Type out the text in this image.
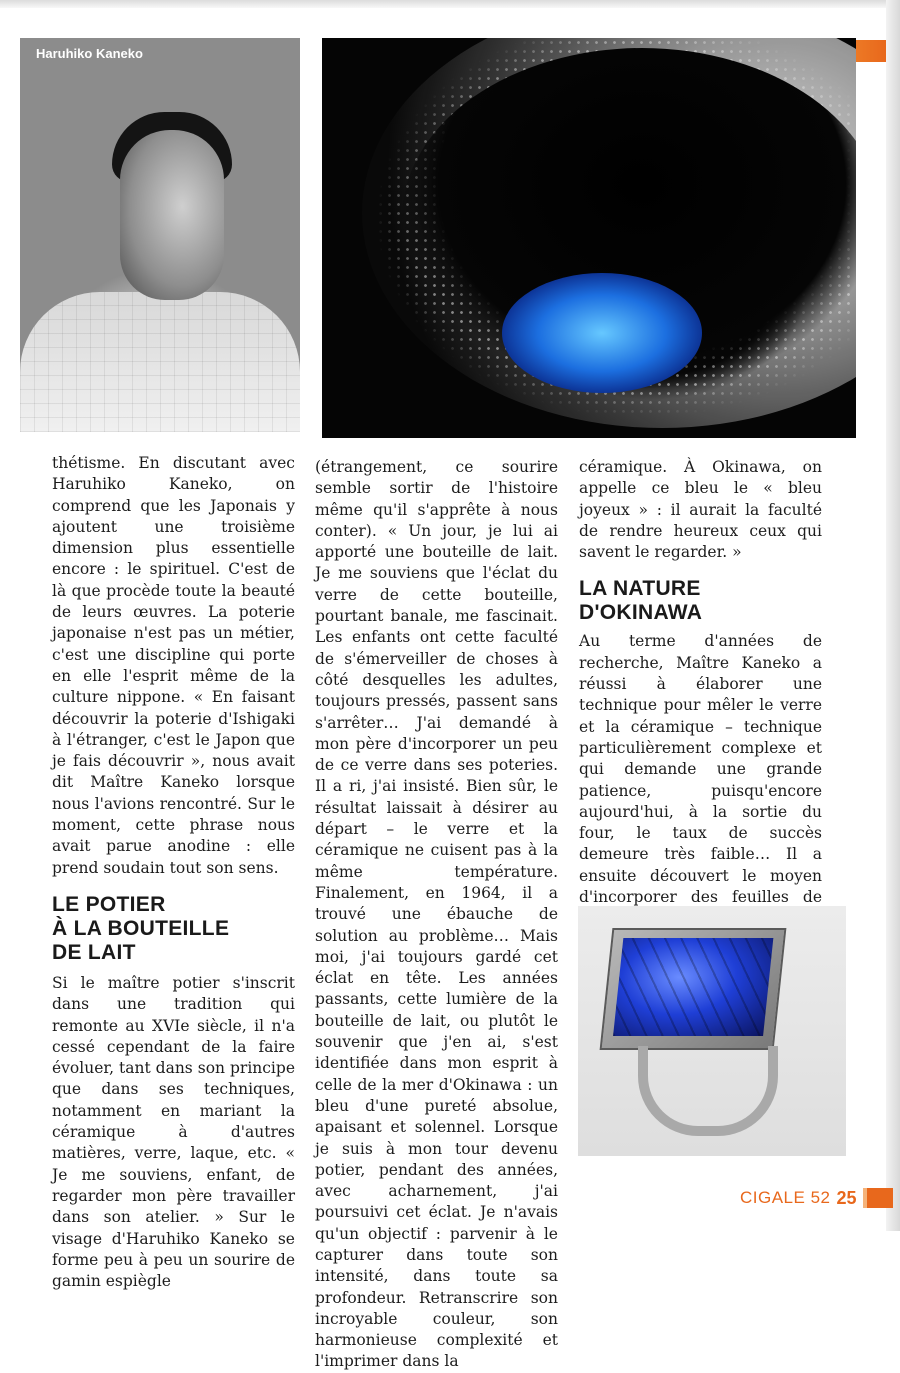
Haruhiko Kaneko

thétisme. En discutant avec Haruhiko Kaneko, on comprend que les Japonais y ajoutent une troisième dimension plus essentielle encore : le spirituel. C'est de là que procède toute la beauté de leurs œuvres. La poterie japonaise n'est pas un métier, c'est une discipline qui porte en elle l'esprit même de la culture nippone. « En faisant découvrir la poterie d'Ishigaki à l'étranger, c'est le Japon que je fais découvrir », nous avait dit Maître Kaneko lorsque nous l'avions rencontré. Sur le moment, cette phrase nous avait parue anodine : elle prend soudain tout son sens.

LE POTIER
À LA BOUTEILLE
DE LAIT

Si le maître potier s'inscrit dans une tradition qui remonte au XVIe siècle, il n'a cessé cependant de la faire évoluer, tant dans son principe que dans ses techniques, notamment en mariant la céramique à d'autres matières, verre, laque, etc. « Je me souviens, enfant, de regarder mon père travailler dans son atelier. » Sur le visage d'Haruhiko Kaneko se forme peu à peu un sourire de gamin espiègle

(étrangement, ce sourire semble sortir de l'histoire même qu'il s'apprête à nous conter). « Un jour, je lui ai apporté une bouteille de lait. Je me souviens que l'éclat du verre de cette bouteille, pourtant banale, me fascinait. Les enfants ont cette faculté de s'émerveiller de choses à côté desquelles les adultes, toujours pressés, passent sans s'arrêter… J'ai demandé à mon père d'incorporer un peu de ce verre dans ses poteries. Il a ri, j'ai insisté. Bien sûr, le résultat laissait à désirer au départ – le verre et la céramique ne cuisent pas à la même température. Finalement, en 1964, il a trouvé une ébauche de solution au problème… Mais moi, j'ai toujours gardé cet éclat en tête. Les années passants, cette lumière de la bouteille de lait, ou plutôt le souvenir que j'en ai, s'est identifiée dans mon esprit à celle de la mer d'Okinawa : un bleu d'une pureté absolue, apaisant et solennel. Lorsque je suis à mon tour devenu potier, pendant des années, avec acharnement, j'ai poursuivi cet éclat. Je n'avais qu'un objectif : parvenir à le capturer dans toute son intensité, dans toute sa profondeur. Retranscrire son incroyable couleur, son harmonieuse complexité et l'imprimer dans la

céramique. À Okinawa, on appelle ce bleu le « bleu joyeux » : il aurait la faculté de rendre heureux ceux qui savent le regarder. »

LA NATURE
D'OKINAWA

Au terme d'années de recherche, Maître Kaneko a réussi à élaborer une technique pour mêler le verre et la céramique – technique particulièrement complexe et qui demande une grande patience, puisqu'encore aujourd'hui, à la sortie du four, le taux de succès demeure très faible… Il a ensuite découvert le moyen d'incorporer des feuilles de

CIGALE 52 25
